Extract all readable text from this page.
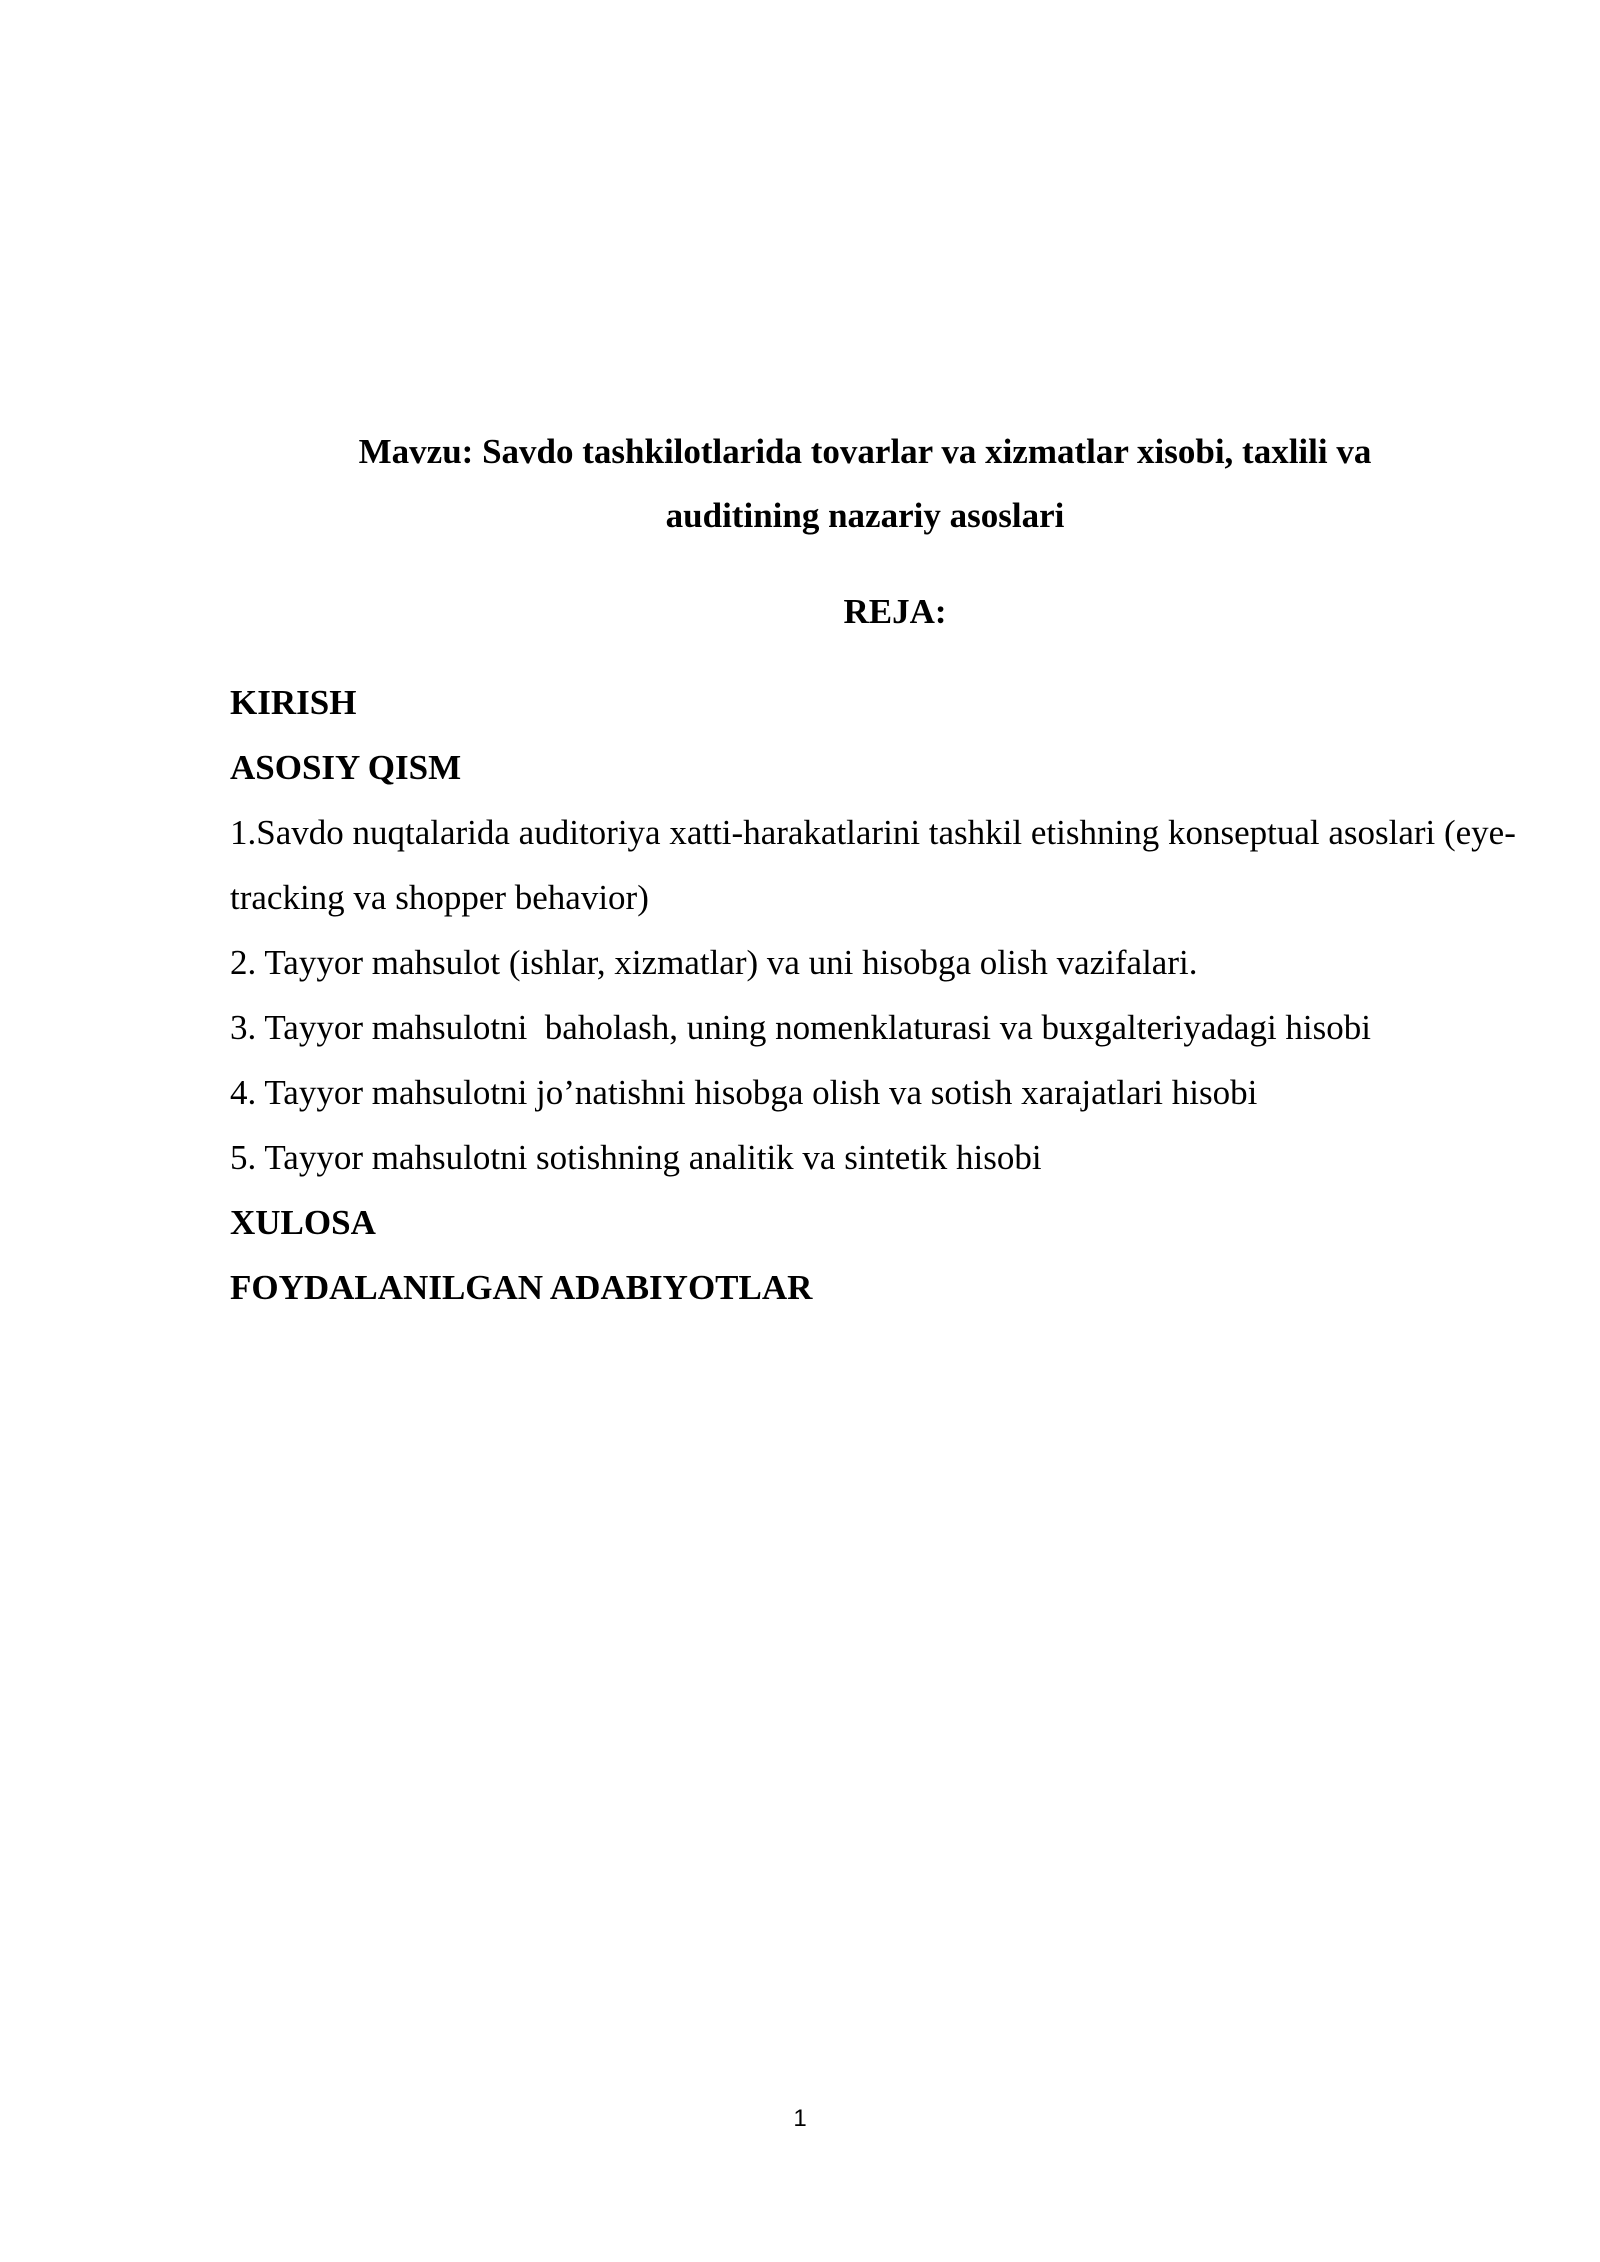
Mavzu: Savdo tashkilotlarida tovarlar va xizmatlar xisobi, taxlili va
auditining nazariy asoslari
REJA:
KIRISH
ASOSIY QISM
1.Savdo nuqtalarida auditoriya xatti-harakatlarini tashkil etishning konseptual asoslari (eye-tracking va shopper behavior)
2. Tayyor mahsulot (ishlar, xizmatlar) va uni hisobga olish vazifalari.
3. Tayyor mahsulotni  baholash, uning nomenklaturasi va buxgalteriyadagi hisobi
4. Tayyor mahsulotni jo’natishni hisobga olish va sotish xarajatlari hisobi
5. Tayyor mahsulotni sotishning analitik va sintetik hisobi
XULOSA
FOYDALANILGAN ADABIYOTLAR
1
